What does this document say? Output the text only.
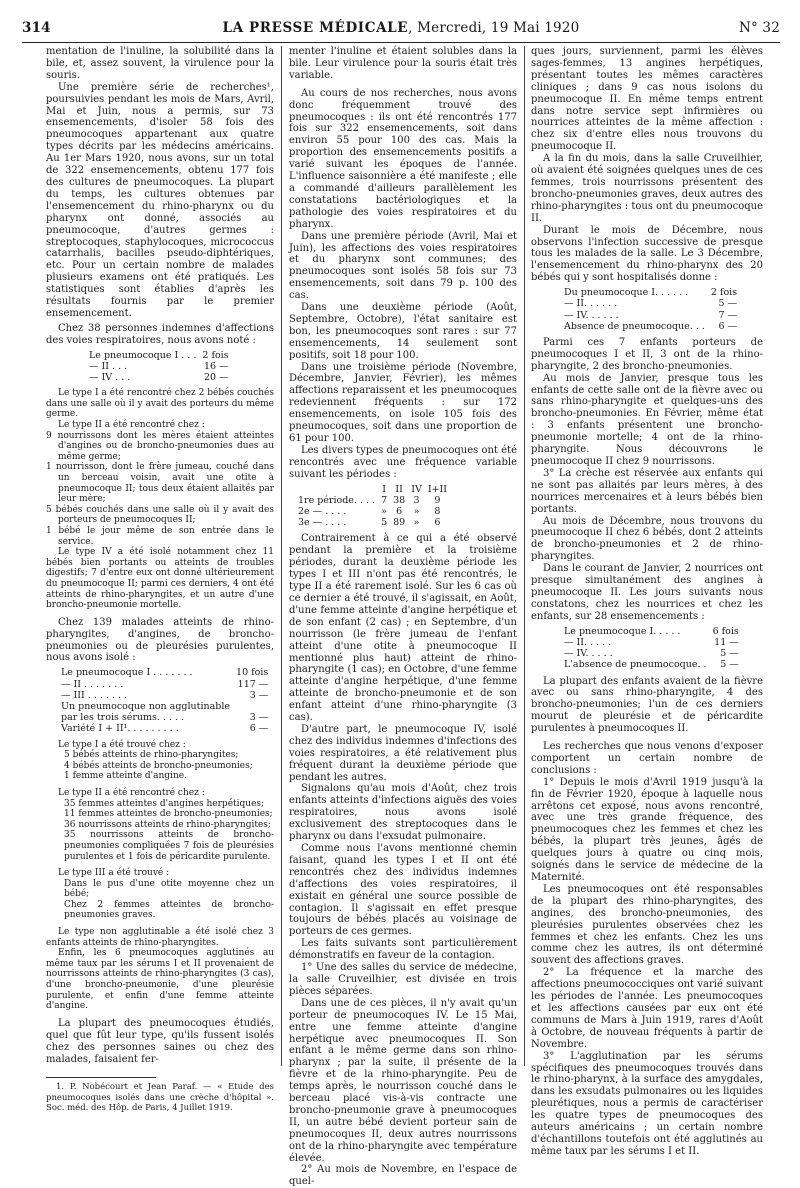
314	LA PRESSE MÉDICALE, Mercredi, 19 Mai 1920	N° 32

mentation de l'inuline, la solubilité dans la bile, et, assez souvent, la virulence pour la souris.

Une première série de recherches¹, poursuivies pendant les mois de Mars, Avril, Mai et Juin, nous a permis, sur 73 ensemencements, d'isoler 58 fois des pneumocoques appartenant aux quatre types décrits par les médecins américains. Au 1er Mars 1920, nous avons, sur un total de 322 ensemencements, obtenu 177 fois des cultures de pneumocoques. La plupart du temps, les cultures obtenues par l'ensemencement du rhino-pharynx ou du pharynx ont donné, associés au pneumocoque, d'autres germes : streptocoques, staphylocoques, micrococcus catarrhalis, bacilles pseudo-diphtériques, etc. Pour un certain nombre de malades plusieurs examens ont été pratiqués. Les statistiques sont établies d'après les résultats fournis par le premier ensemencement.

Chez 38 personnes indemnes d'affections des voies respiratoires, nous avons noté :

Le pneumocoque I . . .	2 fois
— II . . .	16 —
— IV . . .	20 —

Le type I a été rencontré chez 2 bébés couchés dans une salle où il y avait des porteurs du même germe.

Le type II a été rencontré chez :

9 nourrissons dont les mères étaient atteintes d'angines ou de broncho-pneumonies dues au même germe;

1 nourrisson, dont le frère jumeau, couché dans un berceau voisin, avait une otite à pneumocoque II; tous deux étaient allaités par leur mère;

5 bébés couchés dans une salle où il y avait des porteurs de pneumocoques II;

1 bébé le jour même de son entrée dans le service.

Le type IV a été isolé notamment chez 11 bébés bien portants ou atteints de troubles digestifs; 7 d'entre eux ont donné ultérieurement du pneumocoque II; parmi ces derniers, 4 ont été atteints de rhino-pharyngites, et un autre d'une broncho-pneumonie mortelle.

Chez 139 malades atteints de rhino-pharyngites, d'angines, de broncho-pneumonies ou de pleurésies purulentes, nous avons isolé :

Le pneumocoque I . . . . . . .	10 fois
— II . . . . . . .	117 —
— III . . . . . . .	3 —
Un pneumocoque non agglutinable	
par les trois sérums. . . . .	3 —
Variété I + II¹. . . . . . . . .	6 —

Le type I a été trouvé chez :

5 bébés atteints de rhino-pharyngites;

4 bébés atteints de broncho-pneumonies;

1 femme atteinte d'angine.

Le type II a été rencontré chez :

35 femmes atteintes d'angines herpétiques;

11 femmes atteintes de broncho-pneumonies;

36 nourrissons atteints de rhino-pharyngites;

35 nourrissons atteints de broncho-pneumonies compliquées 7 fois de pleurésies purulentes et 1 fois de péricardite purulente.

Le type III a été trouvé :

Dans le pus d'une otite moyenne chez un bébé;

Chez 2 femmes atteintes de broncho-pneumonies graves.

Le type non agglutinable a été isolé chez 3 enfants atteints de rhino-pharyngites.

Enfin, les 6 pneumocoques agglutinés au même taux par les sérums I et II provenaient de nourrissons atteints de rhino-pharyngites (3 cas), d'une broncho-pneumonie, d'une pleurésie purulente, et enfin d'une femme atteinte d'angine.

La plupart des pneumocoques étudiés, quel que fût leur type, qu'ils fussent isolés chez des personnes saines ou chez des malades, faisaient fer-

1. P. Nobécourt et Jean Paraf. — « Etude des pneumocoques isolés dans une crèche d'hôpital ». Soc. méd. des Hôp. de Paris, 4 Juillet 1919.

menter l'inuline et étaient solubles dans la bile. Leur virulence pour la souris était très variable.

Au cours de nos recherches, nous avons donc fréquemment trouvé des pneumocoques : ils ont été rencontrés 177 fois sur 322 ensemencements, soit dans environ 55 pour 100 des cas. Mais la proportion des ensemencements positifs a varié suivant les époques de l'année. L'influence saisonnière a été manifeste ; elle a commandé d'ailleurs parallèlement les constatations bactériologiques et la pathologie des voies respiratoires et du pharynx.

Dans une première période (Avril, Mai et Juin), les affections des voies respiratoires et du pharynx sont communes; des pneumocoques sont isolés 58 fois sur 73 ensemencements, soit dans 79 p. 100 des cas.

Dans une deuxième période (Août, Septembre, Octobre), l'état sanitaire est bon, les pneumocoques sont rares : sur 77 ensemencements, 14 seulement sont positifs, soit 18 pour 100.

Dans une troisième période (Novembre, Décembre, Janvier, Février), les mêmes affections reparaissent et les pneumocoques redeviennent fréquents : sur 172 ensemencements, on isole 105 fois des pneumocoques, soit dans une proportion de 61 pour 100.

Les divers types de pneumocoques ont été rencontrés avec une fréquence variable suivant les périodes :

	I	II	IV	I+II
1re période. . . .	7	38	3	9
2e — . . . .	»	6	»	8
3e — . . . .	5	89	»	6

Contrairement à ce qui a été observé pendant la première et la troisième périodes, durant la deuxième période les types I et III n'ont pas été rencontrés, le type II a été rarement isolé. Sur les 6 cas où ce dernier a été trouvé, il s'agissait, en Août, d'une femme atteinte d'angine herpétique et de son enfant (2 cas) ; en Septembre, d'un nourrisson (le frère jumeau de l'enfant atteint d'une otite à pneumocoque II mentionné plus haut) atteint de rhino-pharyngite (1 cas); en Octobre, d'une femme atteinte d'angine herpétique, d'une femme atteinte de broncho-pneumonie et de son enfant atteint d'une rhino-pharyngite (3 cas).

D'autre part, le pneumocoque IV, isolé chez des individus indemnes d'infections des voies respiratoires, a été relativement plus fréquent durant la deuxième période que pendant les autres.

Signalons qu'au mois d'Août, chez trois enfants atteints d'infections aiguës des voies respiratoires, nous avons isolé exclusivement des streptocoques dans le pharynx ou dans l'exsudat pulmonaire.

Comme nous l'avons mentionné chemin faisant, quand les types I et II ont été rencontrés chez des individus indemnes d'affections des voies respiratoires, il existait en général une source possible de contagion. Il s'agissait en effet presque toujours de bébés placés au voisinage de porteurs de ces germes.

Les faits suivants sont particulièrement démonstratifs en faveur de la contagion.

1° Une des salles du service de médecine, la salle Cruveilhier, est divisée en trois pièces séparées.

Dans une de ces pièces, il n'y avait qu'un porteur de pneumocoques IV. Le 15 Mai, entre une femme atteinte d'angine herpétique avec pneumocoques II. Son enfant a le même germe dans son rhino-pharynx ; par la suite, il présente de la fièvre et de la rhino-pharyngite. Peu de temps après, le nourrisson couché dans le berceau placé vis-à-vis contracte une broncho-pneumonie grave à pneumocoques II, un autre bébé devient porteur sain de pneumocoques II, deux autres nourrissons ont de la rhino-pharyngite avec température élevée.

2° Au mois de Novembre, en l'espace de quel-

ques jours, surviennent, parmi les élèves sages-femmes, 13 angines herpétiques, présentant toutes les mêmes caractères cliniques ; dans 9 cas nous isolons du pneumocoque II. En même temps entrent dans notre service sept infirmières ou nourrices atteintes de la même affection : chez six d'entre elles nous trouvons du pneumocoque II.

A la fin du mois, dans la salle Cruveilhier, où avaient été soignées quelques unes de ces femmes, trois nourrissons présentent des broncho-pneumonies graves, deux autres des rhino-pharyngites : tous ont du pneumocoque II.

Durant le mois de Décembre, nous observons l'infection successive de presque tous les malades de la salle. Le 3 Décembre, l'ensemencement du rhino-pharynx des 20 bébés qui y sont hospitalisés donne :

Du pneumocoque I. . . . . .	2 fois
— II. . . . . .	5 —
— IV. . . . . .	7 —
Absence de pneumocoque. . .	6 —

Parmi ces 7 enfants porteurs de pneumocoques I et II, 3 ont de la rhino-pharyngite, 2 des broncho-pneumonies.

Au mois de Janvier, presque tous les enfants de cette salle ont de la fièvre avec ou sans rhino-pharyngite et quelques-uns des broncho-pneumonies. En Février, même état : 3 enfants présentent une broncho-pneumonie mortelle; 4 ont de la rhino-pharyngite. Nous découvrons le pneumocoque II chez 9 nourrissons.

3° La crèche est réservée aux enfants qui ne sont pas allaités par leurs mères, à des nourrices mercenaires et à leurs bébés bien portants.

Au mois de Décembre, nous trouvons du pneumocoque II chez 6 bébés, dont 2 atteints de broncho-pneumonies et 2 de rhino-pharyngites.

Dans le courant de Janvier, 2 nourrices ont presque simultanément des angines à pneumocoque II. Les jours suivants nous constatons, chez les nourrices et chez les enfants, sur 28 ensemencements :

Le pneumocoque I. . . . .	6 fois
— II. . . . .	11 —
— IV. . . . .	5 —
L'absence de pneumocoque. .	5 —

La plupart des enfants avaient de la fièvre avec ou sans rhino-pharyngite, 4 des broncho-pneumonies; l'un de ces derniers mourut de pleurésie et de péricardite purulentes à pneumocoques II.

Les recherches que nous venons d'exposer comportent un certain nombre de conclusions :

1° Depuis le mois d'Avril 1919 jusqu'à la fin de Février 1920, époque à laquelle nous arrêtons cet exposé, nous avons rencontré, avec une très grande fréquence, des pneumocoques chez les femmes et chez les bébés, la plupart très jeunes, âgés de quelques jours à quatre ou cinq mois, soignés dans le service de médecine de la Maternité.

Les pneumocoques ont été responsables de la plupart des rhino-pharyngites, des angines, des broncho-pneumonies, des pleurésies purulentes observées chez les femmes et chez les enfants. Chez les uns comme chez les autres, ils ont déterminé souvent des affections graves.

2° La fréquence et la marche des affections pneumococciques ont varié suivant les périodes de l'année. Les pneumocoques et les affections causées par eux ont été communs de Mars à Juin 1919, rares d'Août à Octobre, de nouveau fréquents à partir de Novembre.

3° L'agglutination par les sérums spécifiques des pneumocoques trouvés dans le rhino-pharynx, à la surface des amygdales, dans les exsudats pulmonaires ou les liquides pleurétiques, nous a permis de caractériser les quatre types de pneumocoques des auteurs américains ; un certain nombre d'échantillons toutefois ont été agglutinés au même taux par les sérums I et II.
